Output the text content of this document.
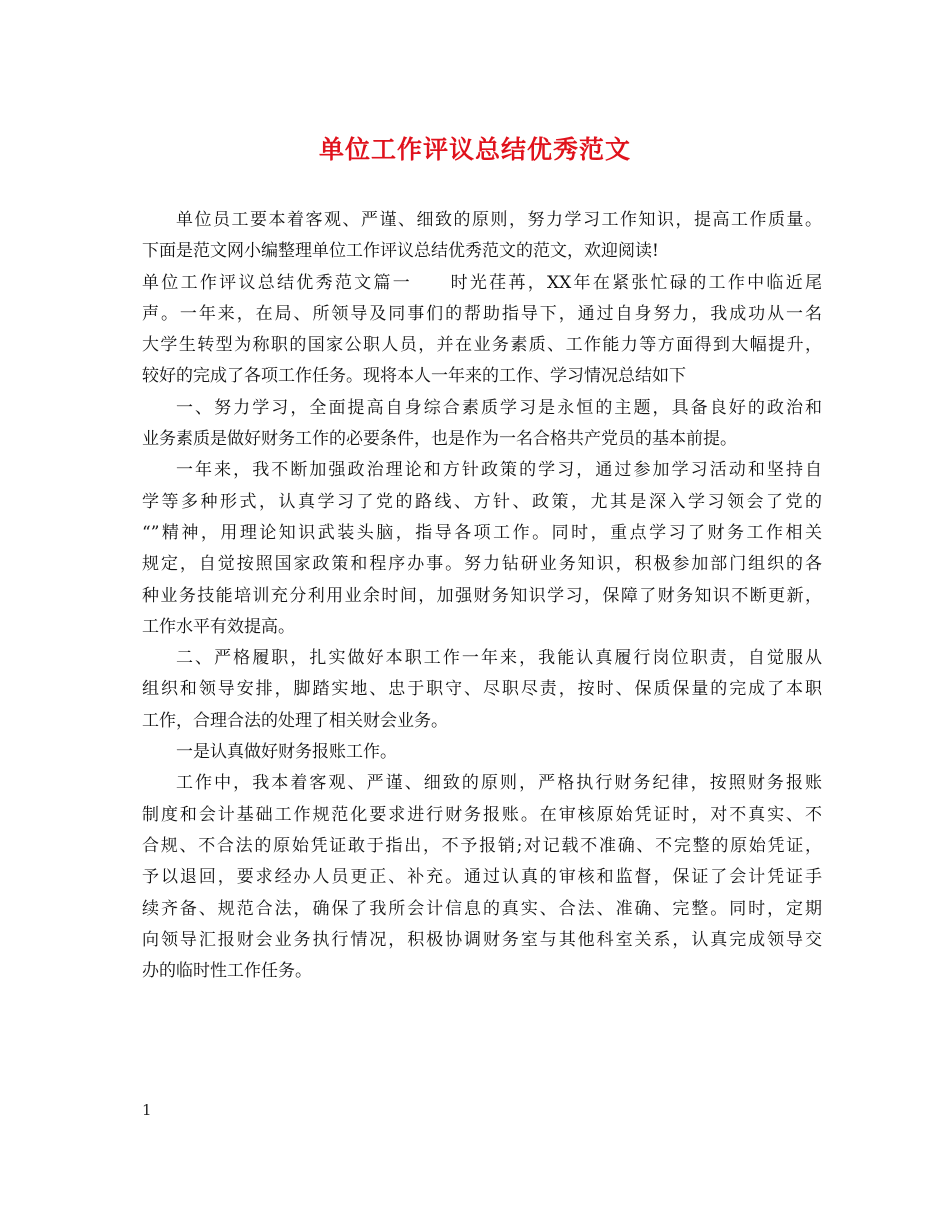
单位工作评议总结优秀范文
单位员工要本着客观、严谨、细致的原则，努力学习工作知识，提高工作质量。
下面是范文网小编整理单位工作评议总结优秀范文的范文，欢迎阅读!
单位工作评议总结优秀范文篇一　　时光荏苒，XX年在紧张忙碌的工作中临近尾
声。一年来，在局、所领导及同事们的帮助指导下，通过自身努力，我成功从一名
大学生转型为称职的国家公职人员，并在业务素质、工作能力等方面得到大幅提升，
较好的完成了各项工作任务。现将本人一年来的工作、学习情况总结如下
一、努力学习，全面提高自身综合素质学习是永恒的主题，具备良好的政治和
业务素质是做好财务工作的必要条件，也是作为一名合格共产党员的基本前提。
一年来，我不断加强政治理论和方针政策的学习，通过参加学习活动和坚持自
学等多种形式，认真学习了党的路线、方针、政策，尤其是深入学习领会了党的
“”精神，用理论知识武装头脑，指导各项工作。同时，重点学习了财务工作相关
规定，自觉按照国家政策和程序办事。努力钻研业务知识，积极参加部门组织的各
种业务技能培训充分利用业余时间，加强财务知识学习，保障了财务知识不断更新，
工作水平有效提高。
二、严格履职，扎实做好本职工作一年来，我能认真履行岗位职责，自觉服从
组织和领导安排，脚踏实地、忠于职守、尽职尽责，按时、保质保量的完成了本职
工作，合理合法的处理了相关财会业务。
一是认真做好财务报账工作。
工作中，我本着客观、严谨、细致的原则，严格执行财务纪律，按照财务报账
制度和会计基础工作规范化要求进行财务报账。在审核原始凭证时，对不真实、不
合规、不合法的原始凭证敢于指出，不予报销;对记载不准确、不完整的原始凭证，
予以退回，要求经办人员更正、补充。通过认真的审核和监督，保证了会计凭证手
续齐备、规范合法，确保了我所会计信息的真实、合法、准确、完整。同时，定期
向领导汇报财会业务执行情况，积极协调财务室与其他科室关系，认真完成领导交
办的临时性工作任务。
1
